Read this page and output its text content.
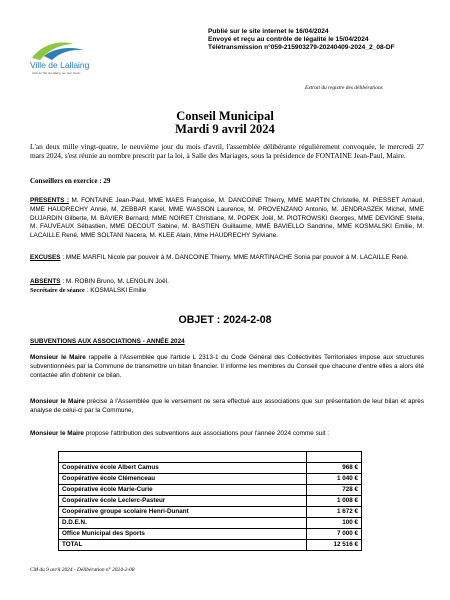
Ville de Lallaing
Hôtel de Ville de Lallaing, rue Jean Jaurès
Publié sur le site internet le 16/04/2024
Envoyé et reçu au contrôle de légalité le 15/04/2024
Télétransmission n°059-215903279-20240409-2024_2_08-DF
Extrait du registre des délibérations
Conseil Municipal
Mardi 9 avril 2024
L'an deux mille vingt-quatre, le neuvième jour du mois d'avril, l'assemblée délibérante régulièrement convoquée, le mercredi 27 mars 2024, s'est réunie au nombre prescrit par la loi, à Salle des Mariages, sous la présidence de FONTAINE Jean-Paul, Maire.
Conseillers en exercice : 29
PRESENTS : M. FONTAINE Jean-Paul, MME MAES Françoise, M. DANCOINE Thierry, MME MARTIN Christelle, M. PIESSET Arnaud, MME HAUDRECHY Annie, M. ZEBBAR Karel, MME WASSON Laurence, M. PROVENZANO Antonio, M. JENDRASZEK Michel, MME DUJARDIN Gilberte, M. BAVIER Bernard, MME NOIRET Christiane, M. POPEK Joël, M. PIOTROWSKI Georges, MME DEVIGNE Stella, M. FAUVEAUX Sébastien, MME DECOUT Sabine, M. BASTIEN Guillaume, MME BAVIELLO Sandrine, MME KOSMALSKI Emilie, M. LACAILLE René, MME SOLTANI Nacera, M. KLEE Alain, Mme HAUDRECHY Sylviane.
EXCUSES : MME MARFIL Nicole par pouvoir à M. DANCOINE Thierry, MME MARTINACHE Sonia par pouvoir à M. LACAILLE René.
ABSENTS : M. ROBIN Bruno, M. LENGLIN Joël.
Secrétaire de séance : KOSMALSKI Emilie
OBJET : 2024-2-08
SUBVENTIONS AUX ASSOCIATIONS - ANNÉE 2024
Monsieur le Maire rappelle à l'Assemblée que l'article L 2313-1 du Code Général des Collectivités Territoriales impose aux structures subventionnées par la Commune de transmettre un bilan financier. Il informe les membres du Conseil que chacune d'entre elles a alors été contactée afin d'obtenir ce bilan.
Monsieur le Maire précise à l'Assemblée que le versement ne sera effectué aux associations que sur présentation de leur bilan et après analyse de celui-ci par la Commune,
Monsieur le Maire propose l'attribution des subventions aux associations pour l'année 2024 comme suit :

Coopérative école Albert Camus	968 €
Coopérative école Clémenceau	1 040 €
Coopérative école Marie-Curie	728 €
Coopérative école Leclerc-Pasteur	1 008 €
Coopérative groupe scolaire Henri-Dunant	1 672 €
D.D.E.N.	100 €
Office Municipal des Sports	7 000 €
TOTAL	12 516 €
CM du 9 avril 2024 - Délibération n° 2024-2-08
